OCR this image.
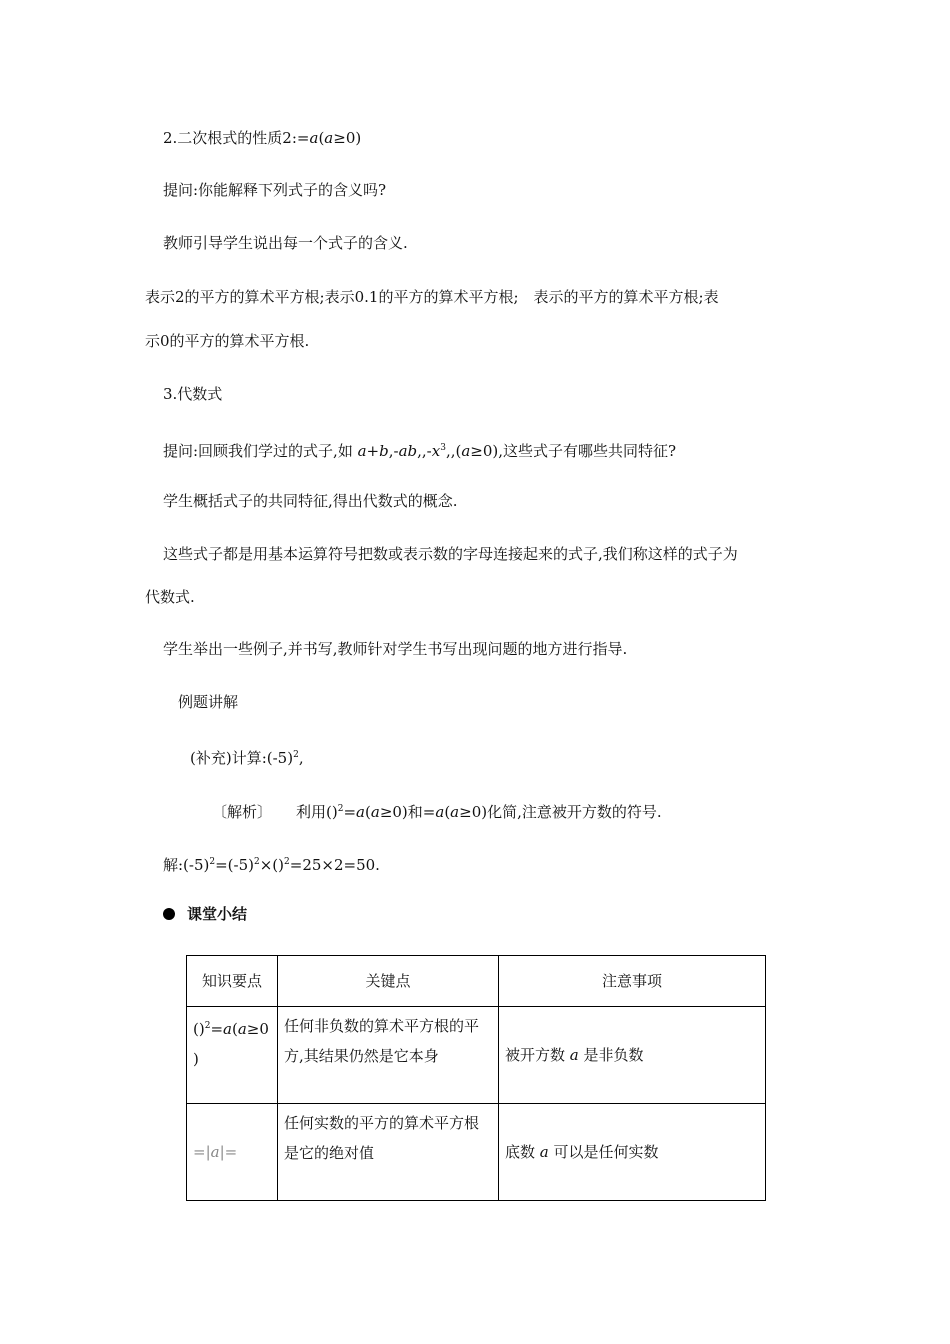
2.二次根式的性质2:=a(a≥0)
提问:你能解释下列式子的含义吗?
教师引导学生说出每一个式子的含义.
表示2的平方的算术平方根;表示0.1的平方的算术平方根;　表示的平方的算术平方根;表
示0的平方的算术平方根.
3.代数式
提问:回顾我们学过的式子,如 $a+b,-ab,,-x^3,,(a\ge 0)$,这些式子有哪些共同特征?
学生概括式子的共同特征,得出代数式的概念.
这些式子都是用基本运算符号把数或表示数的字母连接起来的式子,我们称这样的式子为
代数式.
学生举出一些例子,并书写,教师针对学生书写出现问题的地方进行指导.
例题讲解
(补充)计算$:(-5)^2$,
〔解析〕 利用()$^2$=a(a≥0)和=a(a≥0)化简,注意被开方数的符号.
解$:(-5)^2=(-5)^2\times()^2=25\times 2=50$.
课堂小结
知识要点	关键点	注意事项
()$^2$=a(a≥0
)	任何非负数的算术平方根的平方,其结果仍然是它本身	被开方数 a 是非负数
=|a|=	任何实数的平方的算术平方根是它的绝对值	底数 a 可以是任何实数
